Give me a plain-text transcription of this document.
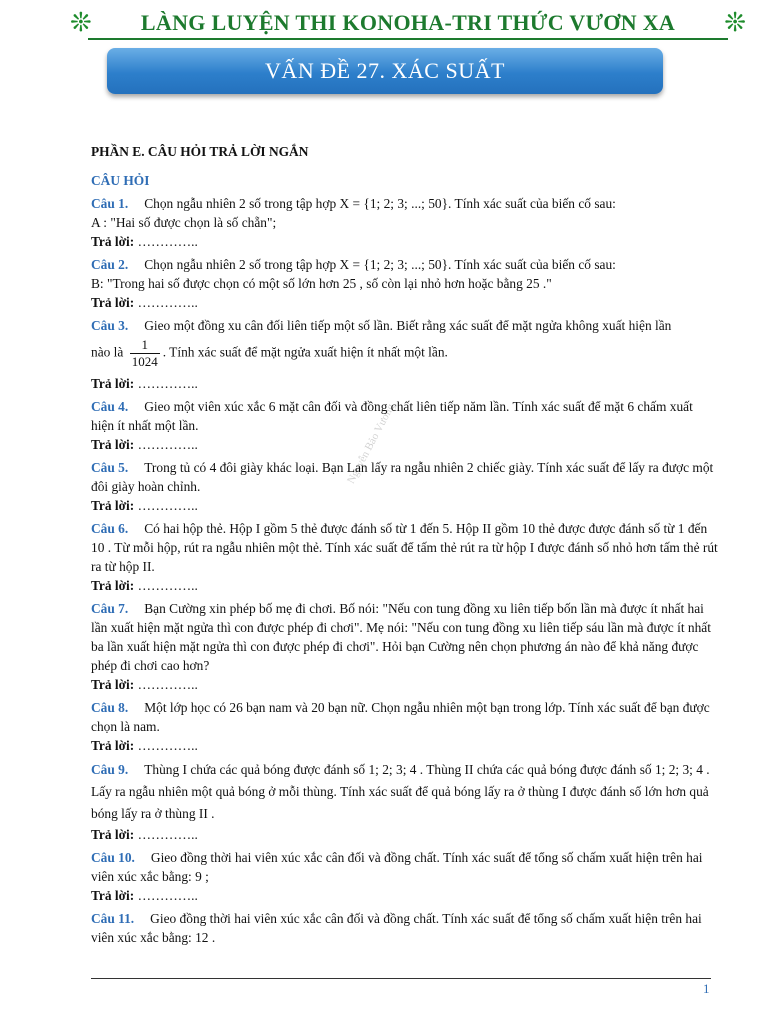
❊	LÀNG LUYỆN THI KONOHA-TRI THỨC VƯƠN XA	❊
VẤN ĐỀ 27. XÁC SUẤT
Nguyễn Bảo Vương
PHẦN E. CÂU HỎI TRẢ LỜI NGẮN
CÂU HỎI

Câu 1. Chọn ngẫu nhiên 2 số trong tập hợp X = {1; 2; 3; ...; 50}. Tính xác suất của biến cố sau:

A : "Hai số được chọn là số chẵn";

Trả lời: …………..

Câu 2. Chọn ngẫu nhiên 2 số trong tập hợp X = {1; 2; 3; ...; 50}. Tính xác suất của biến cố sau:

B: "Trong hai số được chọn có một số lớn hơn 25 , số còn lại nhỏ hơn hoặc bằng 25 ."

Trả lời: …………..

Câu 3. Gieo một đồng xu cân đối liên tiếp một số lần. Biết rằng xác suất để mặt ngửa không xuất hiện lần

nào là $\frac{1}{1024}$ . Tính xác suất để mặt ngửa xuất hiện ít nhất một lần.

Trả lời: …………..

Câu 4. Gieo một viên xúc xắc 6 mặt cân đối và đồng chất liên tiếp năm lần. Tính xác suất để mặt 6 chấm xuất hiện ít nhất một lần.

Trả lời: …………..

Câu 5. Trong tủ có 4 đôi giày khác loại. Bạn Lan lấy ra ngẫu nhiên 2 chiếc giày. Tính xác suất để lấy ra được một đôi giày hoàn chỉnh.

Trả lời: …………..

Câu 6. Có hai hộp thẻ. Hộp I gồm 5 thẻ được đánh số từ 1 đến 5. Hộp II gồm 10 thẻ được được đánh số từ 1 đến 10 . Từ mỗi hộp, rút ra ngẫu nhiên một thẻ. Tính xác suất để tấm thẻ rút ra từ hộp I được đánh số nhỏ hơn tấm thẻ rút ra từ hộp II.

Trả lời: …………..

Câu 7. Bạn Cường xin phép bố mẹ đi chơi. Bố nói: "Nếu con tung đồng xu liên tiếp bốn lần mà được ít nhất hai lần xuất hiện mặt ngửa thì con được phép đi chơi". Mẹ nói: "Nếu con tung đồng xu liên tiếp sáu lần mà được ít nhất ba lần xuất hiện mặt ngửa thì con được phép đi chơi". Hỏi bạn Cường nên chọn phương án nào để khả năng được phép đi chơi cao hơn?

Trả lời: …………..

Câu 8. Một lớp học có 26 bạn nam và 20 bạn nữ. Chọn ngẫu nhiên một bạn trong lớp. Tính xác suất để bạn được chọn là nam.

Trả lời: …………..

Câu 9. Thùng I chứa các quả bóng được đánh số 1; 2; 3; 4 . Thùng II chứa các quả bóng được đánh số 1; 2; 3; 4 . Lấy ra ngẫu nhiên một quả bóng ở mỗi thùng. Tính xác suất để quả bóng lấy ra ở thùng I được đánh số lớn hơn quả bóng lấy ra ở thùng II .

Trả lời: …………..

Câu 10. Gieo đồng thời hai viên xúc xắc cân đối và đồng chất. Tính xác suất để tổng số chấm xuất hiện trên hai viên xúc xắc bằng: 9 ;

Trả lời: …………..

Câu 11. Gieo đồng thời hai viên xúc xắc cân đối và đồng chất. Tính xác suất để tổng số chấm xuất hiện trên hai viên xúc xắc bằng: 12 .

1
